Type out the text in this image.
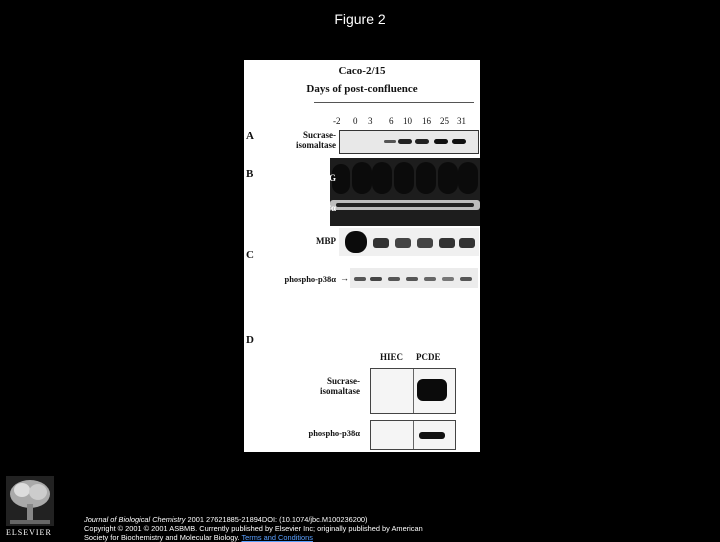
Figure 2
Caco-2/15
Days of post-confluence
-2 0 3 6 10 16 25 31
A	Sucrase-
isomaltase
B	IgG
Ip p38α
MBP
C
phospho-p38α →
D
HIEC PCDE
Sucrase-
isomaltase
phospho-p38α
ELSEVIER
Journal of Biological Chemistry 2001 27621885-21894DOI: (10.1074/jbc.M100236200)
Copyright © 2001 © 2001 ASBMB. Currently published by Elsevier Inc; originally published by American
Society for Biochemistry and Molecular Biology. Terms and Conditions
